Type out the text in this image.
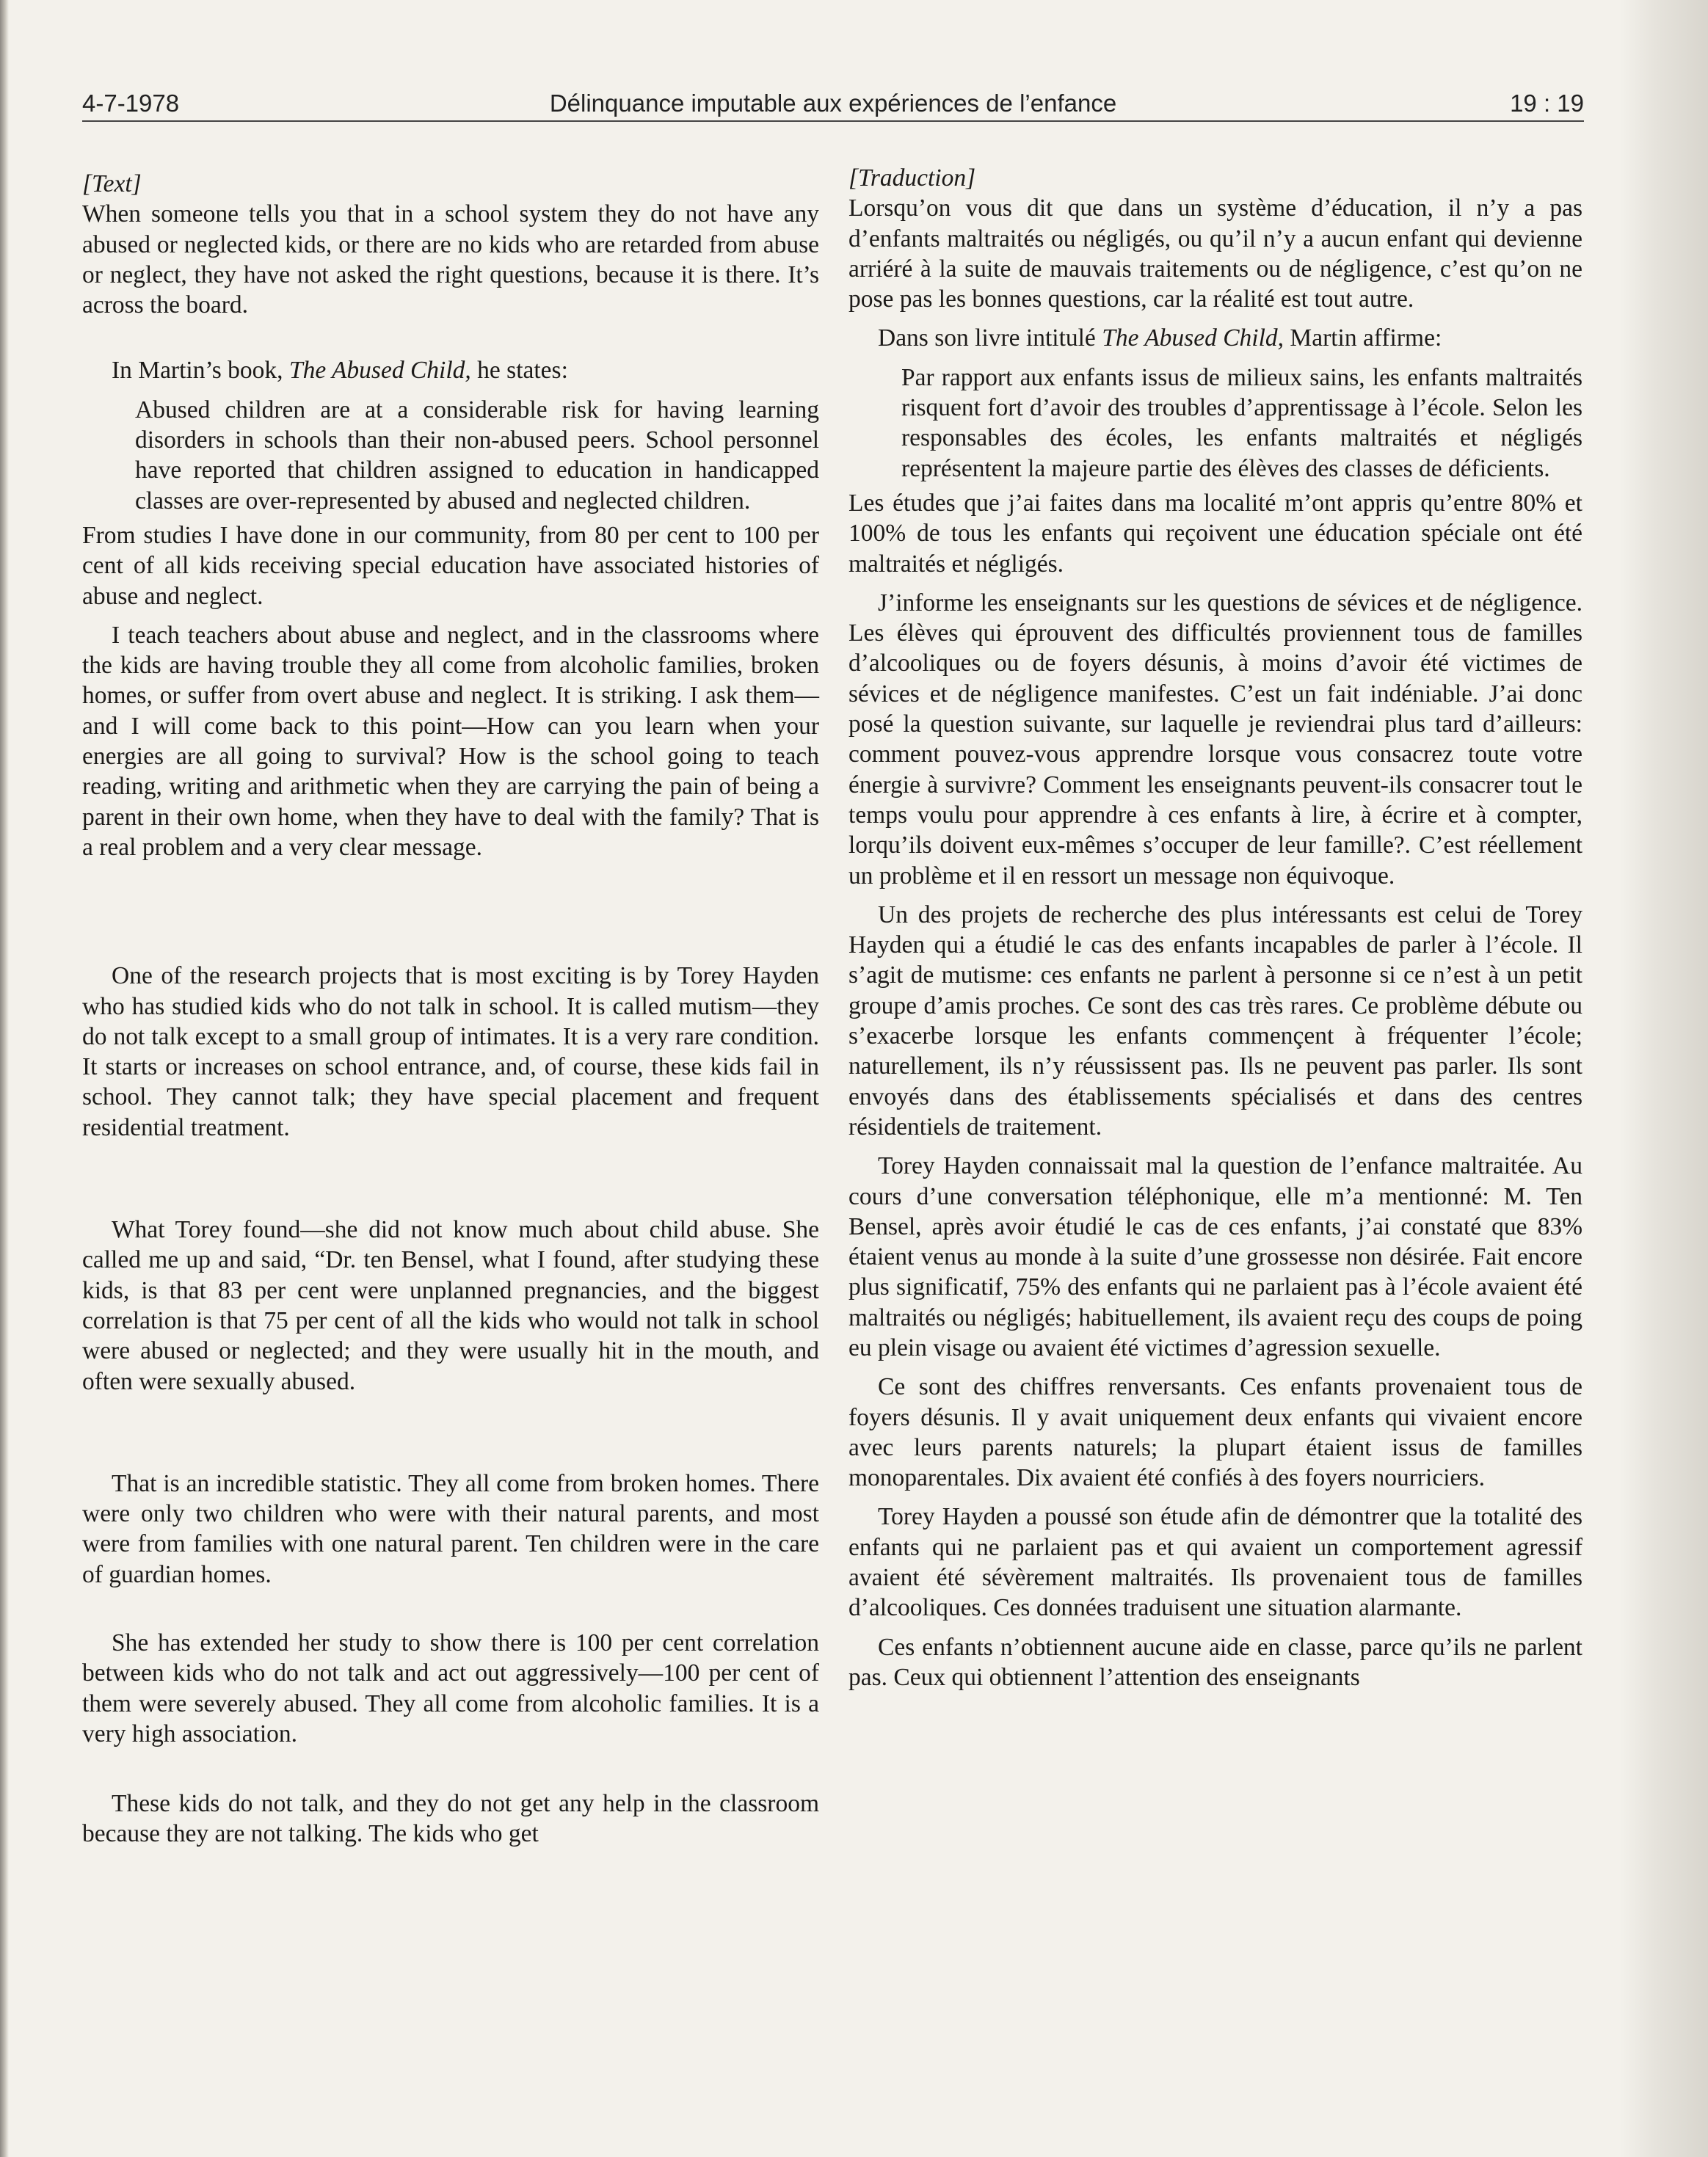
4-7-1978	Délinquance imputable aux expériences de l’enfance	19 : 19

[Text]

When someone tells you that in a school system they do not have any abused or neglected kids, or there are no kids who are retarded from abuse or neglect, they have not asked the right questions, because it is there. It’s across the board.

In Martin’s book, The Abused Child, he states:

Abused children are at a considerable risk for having learning disorders in schools than their non-abused peers. School personnel have reported that children assigned to education in handicapped classes are over-represented by abused and neglected children.

From studies I have done in our community, from 80 per cent to 100 per cent of all kids receiving special education have associated histories of abuse and neglect.

I teach teachers about abuse and neglect, and in the classrooms where the kids are having trouble they all come from alcoholic families, broken homes, or suffer from overt abuse and neglect. It is striking. I ask them—and I will come back to this point—How can you learn when your energies are all going to survival? How is the school going to teach reading, writing and arithmetic when they are carrying the pain of being a parent in their own home, when they have to deal with the family? That is a real problem and a very clear message.

One of the research projects that is most exciting is by Torey Hayden who has studied kids who do not talk in school. It is called mutism—they do not talk except to a small group of intimates. It is a very rare condition. It starts or increases on school entrance, and, of course, these kids fail in school. They cannot talk; they have special placement and frequent residential treatment.

What Torey found—she did not know much about child abuse. She called me up and said, “Dr. ten Bensel, what I found, after studying these kids, is that 83 per cent were unplanned pregnancies, and the biggest correlation is that 75 per cent of all the kids who would not talk in school were abused or neglected; and they were usually hit in the mouth, and often were sexually abused.

That is an incredible statistic. They all come from broken homes. There were only two children who were with their natural parents, and most were from families with one natural parent. Ten children were in the care of guardian homes.

She has extended her study to show there is 100 per cent correlation between kids who do not talk and act out aggressively—100 per cent of them were severely abused. They all come from alcoholic families. It is a very high association.

These kids do not talk, and they do not get any help in the classroom because they are not talking. The kids who get

[Traduction]

Lorsqu’on vous dit que dans un système d’éducation, il n’y a pas d’enfants maltraités ou négligés, ou qu’il n’y a aucun enfant qui devienne arriéré à la suite de mauvais traitements ou de négligence, c’est qu’on ne pose pas les bonnes questions, car la réalité est tout autre.

Dans son livre intitulé The Abused Child, Martin affirme:

Par rapport aux enfants issus de milieux sains, les enfants maltraités risquent fort d’avoir des troubles d’apprentissage à l’école. Selon les responsables des écoles, les enfants maltraités et négligés représentent la majeure partie des élèves des classes de déficients.

Les études que j’ai faites dans ma localité m’ont appris qu’entre 80% et 100% de tous les enfants qui reçoivent une éducation spéciale ont été maltraités et négligés.

J’informe les enseignants sur les questions de sévices et de négligence. Les élèves qui éprouvent des difficultés proviennent tous de familles d’alcooliques ou de foyers désunis, à moins d’avoir été victimes de sévices et de négligence manifestes. C’est un fait indéniable. J’ai donc posé la question suivante, sur laquelle je reviendrai plus tard d’ailleurs: comment pouvez-vous apprendre lorsque vous consacrez toute votre énergie à survivre? Comment les enseignants peuvent-ils consacrer tout le temps voulu pour apprendre à ces enfants à lire, à écrire et à compter, lorqu’ils doivent eux-mêmes s’occuper de leur famille?. C’est réellement un problème et il en ressort un message non équivoque.

Un des projets de recherche des plus intéressants est celui de Torey Hayden qui a étudié le cas des enfants incapables de parler à l’école. Il s’agit de mutisme: ces enfants ne parlent à personne si ce n’est à un petit groupe d’amis proches. Ce sont des cas très rares. Ce problème débute ou s’exacerbe lorsque les enfants commençent à fréquenter l’école; naturellement, ils n’y réussissent pas. Ils ne peuvent pas parler. Ils sont envoyés dans des établissements spécialisés et dans des centres résidentiels de traitement.

Torey Hayden connaissait mal la question de l’enfance maltraitée. Au cours d’une conversation téléphonique, elle m’a mentionné: M. Ten Bensel, après avoir étudié le cas de ces enfants, j’ai constaté que 83% étaient venus au monde à la suite d’une grossesse non désirée. Fait encore plus significatif, 75% des enfants qui ne parlaient pas à l’école avaient été maltraités ou négligés; habituellement, ils avaient reçu des coups de poing eu plein visage ou avaient été victimes d’agression sexuelle.

Ce sont des chiffres renversants. Ces enfants provenaient tous de foyers désunis. Il y avait uniquement deux enfants qui vivaient encore avec leurs parents naturels; la plupart étaient issus de familles monoparentales. Dix avaient été confiés à des foyers nourriciers.

Torey Hayden a poussé son étude afin de démontrer que la totalité des enfants qui ne parlaient pas et qui avaient un comportement agressif avaient été sévèrement maltraités. Ils provenaient tous de familles d’alcooliques. Ces données traduisent une situation alarmante.

Ces enfants n’obtiennent aucune aide en classe, parce qu’ils ne parlent pas. Ceux qui obtiennent l’attention des enseignants
